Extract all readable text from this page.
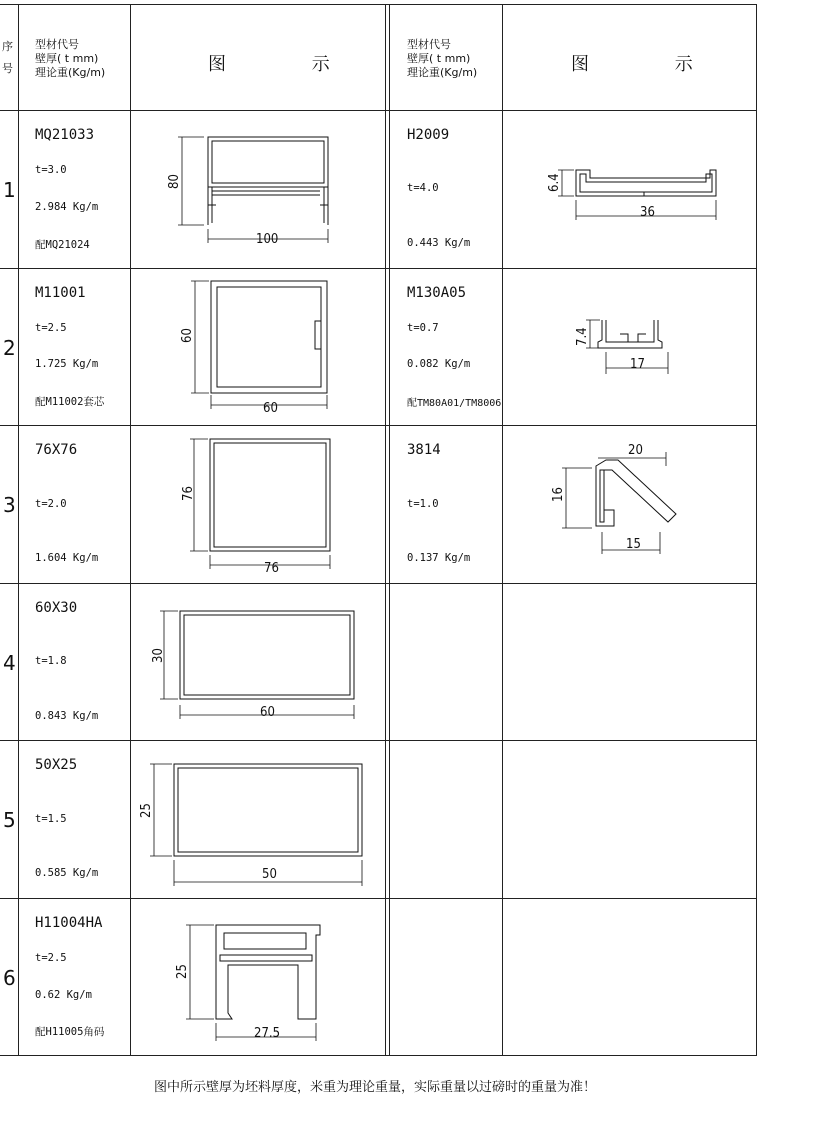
序号
型材代号
壁厚( t mm)
理论重(Kg/m)	图 示
型材代号
壁厚( t mm)
理论重(Kg/m)	图 示
1
2
3
4
5
6
MQ21033
t=3.0
2.984 Kg/m
配MQ21024
M11001
t=2.5
1.725 Kg/m
配M11002套芯
76X76
t=2.0
1.604 Kg/m
60X30
t=1.8
0.843 Kg/m
50X25
t=1.5
0.585 Kg/m
H11004HA
t=2.5
0.62 Kg/m
配H11005角码
H2009
t=4.0
0.443 Kg/m
M130A05
t=0.7
0.082 Kg/m
配TM80A01/TM8006
3814
t=1.0
0.137 Kg/m
100
80
60
60
76
76
60
30
50
25
27.5
25
36
6.4
17
7.4
20
16
15
图中所示壁厚为坯料厚度，米重为理论重量，实际重量以过磅时的重量为准！
